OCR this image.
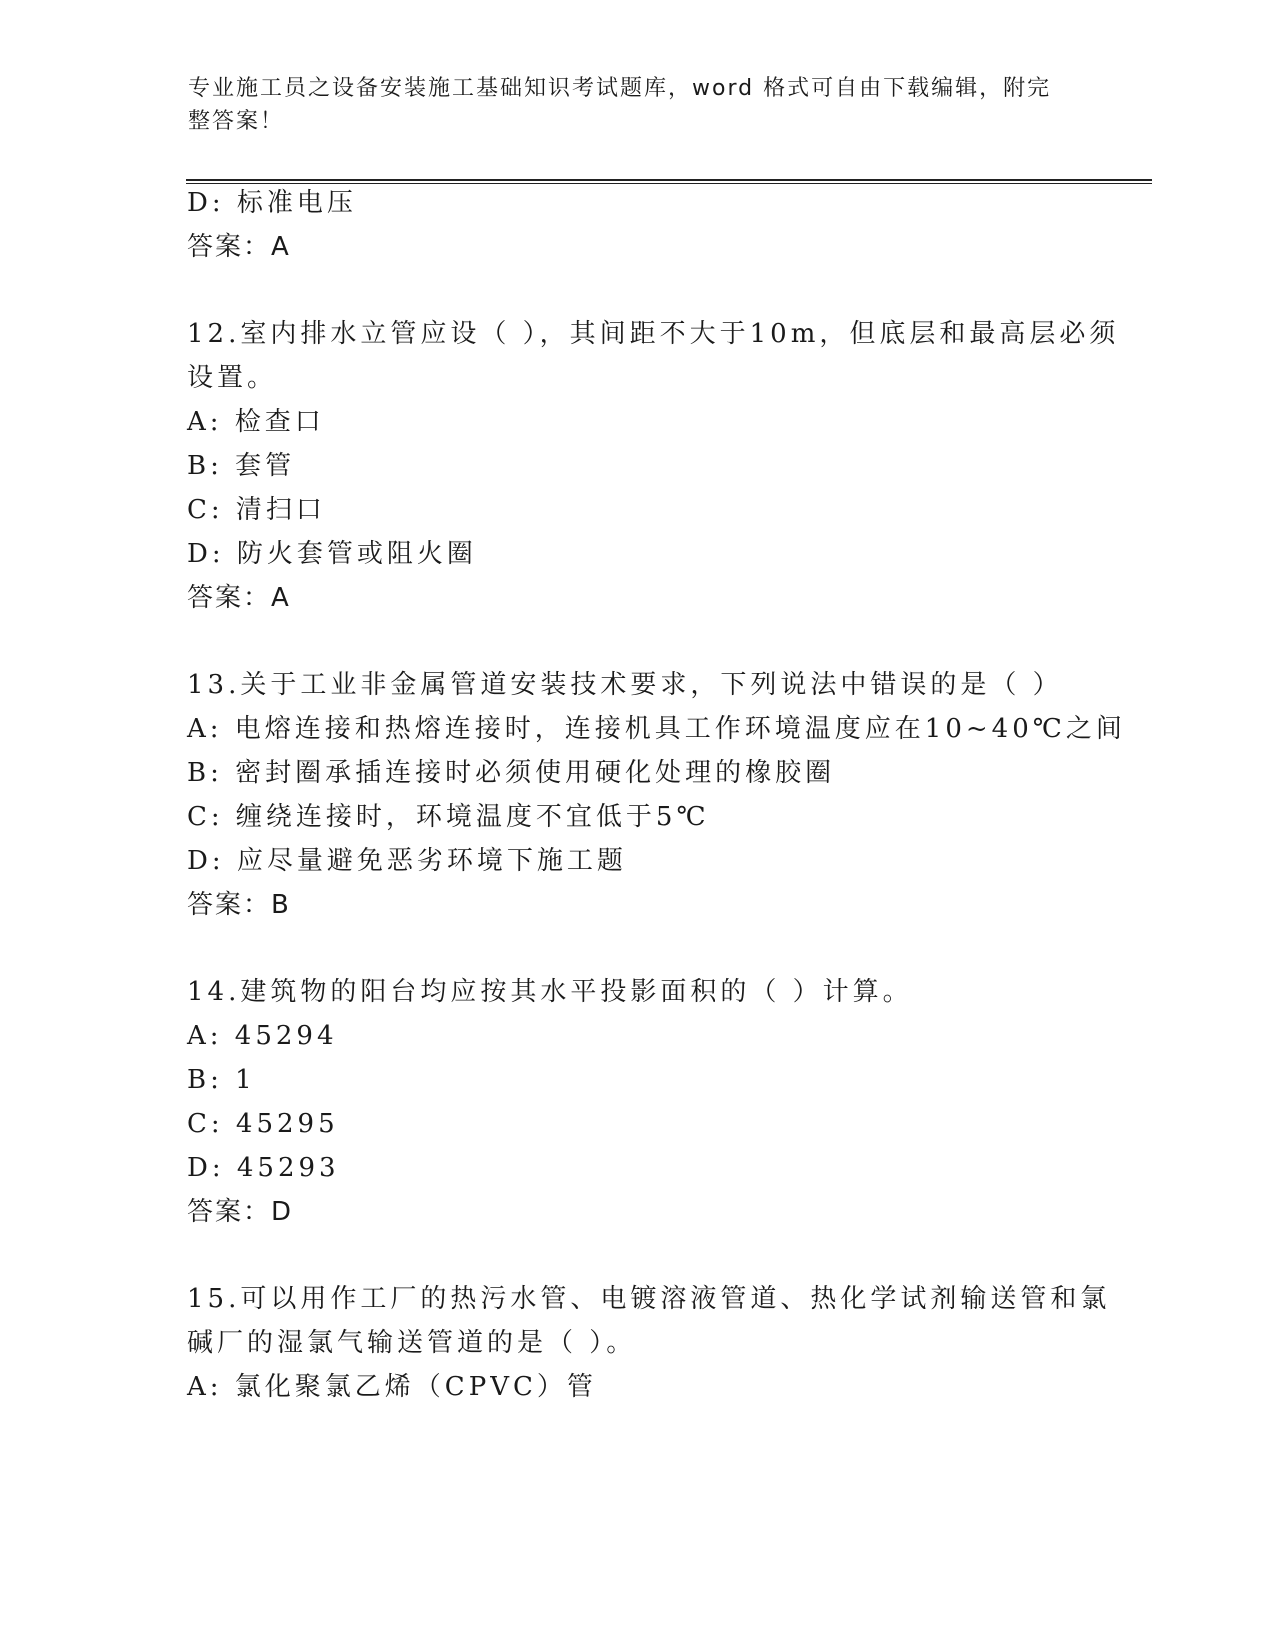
专业施工员之设备安装施工基础知识考试题库，word 格式可自由下载编辑，附完
整答案！
D: 标准电压
答案：A
12.室内排水立管应设（ ），其间距不大于10m，但底层和最高层必须
设置。
A: 检查口
B: 套管
C: 清扫口
D: 防火套管或阻火圈
答案：A
13.关于工业非金属管道安装技术要求，下列说法中错误的是（ ）
A: 电熔连接和热熔连接时，连接机具工作环境温度应在10~40℃之间
B: 密封圈承插连接时必须使用硬化处理的橡胶圈
C: 缠绕连接时，环境温度不宜低于5℃
D: 应尽量避免恶劣环境下施工题
答案：B
14.建筑物的阳台均应按其水平投影面积的（ ）计算。
A: 45294
B: 1
C: 45295
D: 45293
答案：D
15.可以用作工厂的热污水管、电镀溶液管道、热化学试剂输送管和氯
碱厂的湿氯气输送管道的是（ ）。
A: 氯化聚氯乙烯（CPVC）管
